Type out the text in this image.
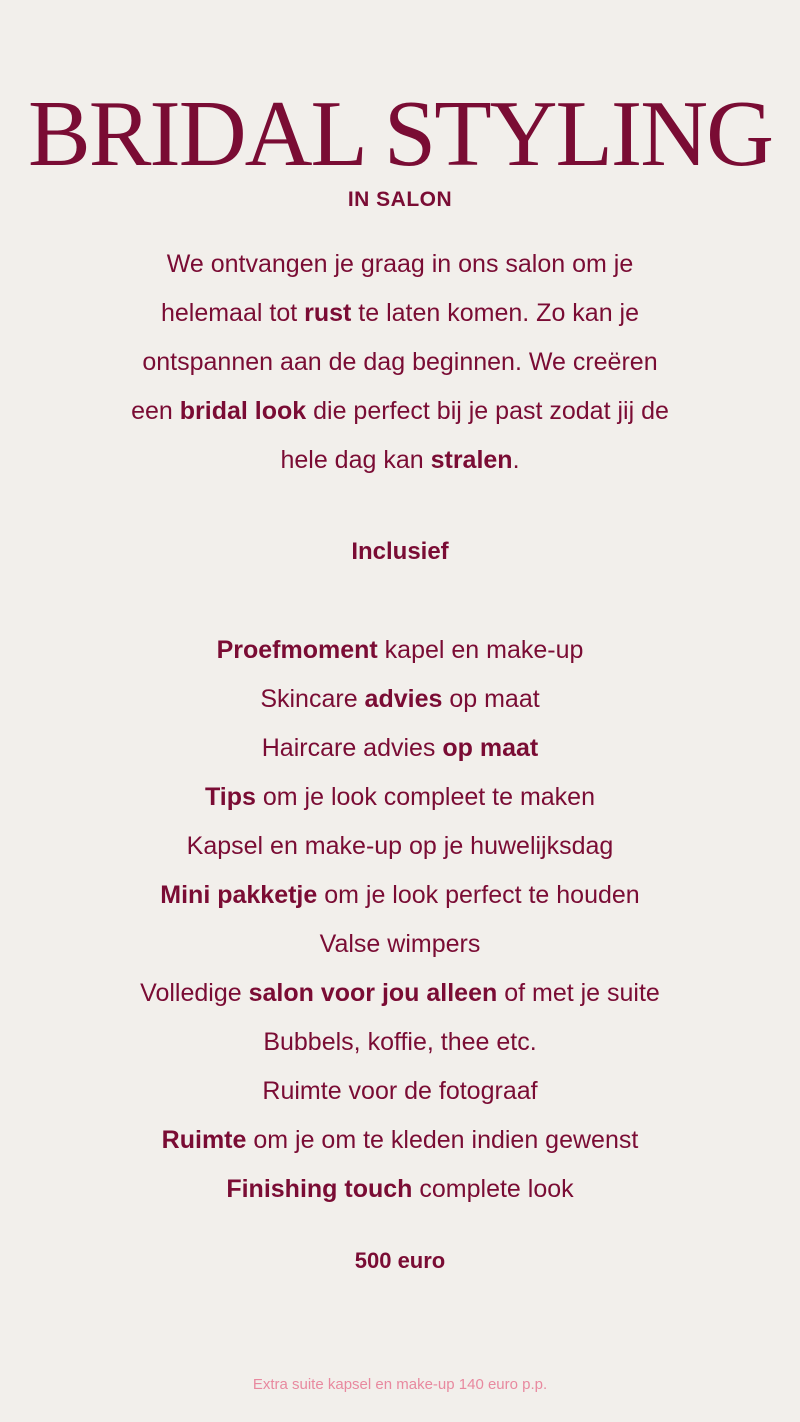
BRIDAL STYLING
IN SALON
We ontvangen je graag in ons salon om je
helemaal tot rust te laten komen. Zo kan je
ontspannen aan de dag beginnen. We creëren
een bridal look die perfect bij je past zodat jij de
hele dag kan stralen.
Inclusief
Proefmoment kapel en make-up
Skincare advies op maat
Haircare advies op maat
Tips om je look compleet te maken
Kapsel en make-up op je huwelijksdag
Mini pakketje om je look perfect te houden
Valse wimpers
Volledige salon voor jou alleen of met je suite
Bubbels, koffie, thee etc.
Ruimte voor de fotograaf
Ruimte om je om te kleden indien gewenst
Finishing touch complete look
500 euro
Extra suite kapsel en make-up 140 euro p.p.
